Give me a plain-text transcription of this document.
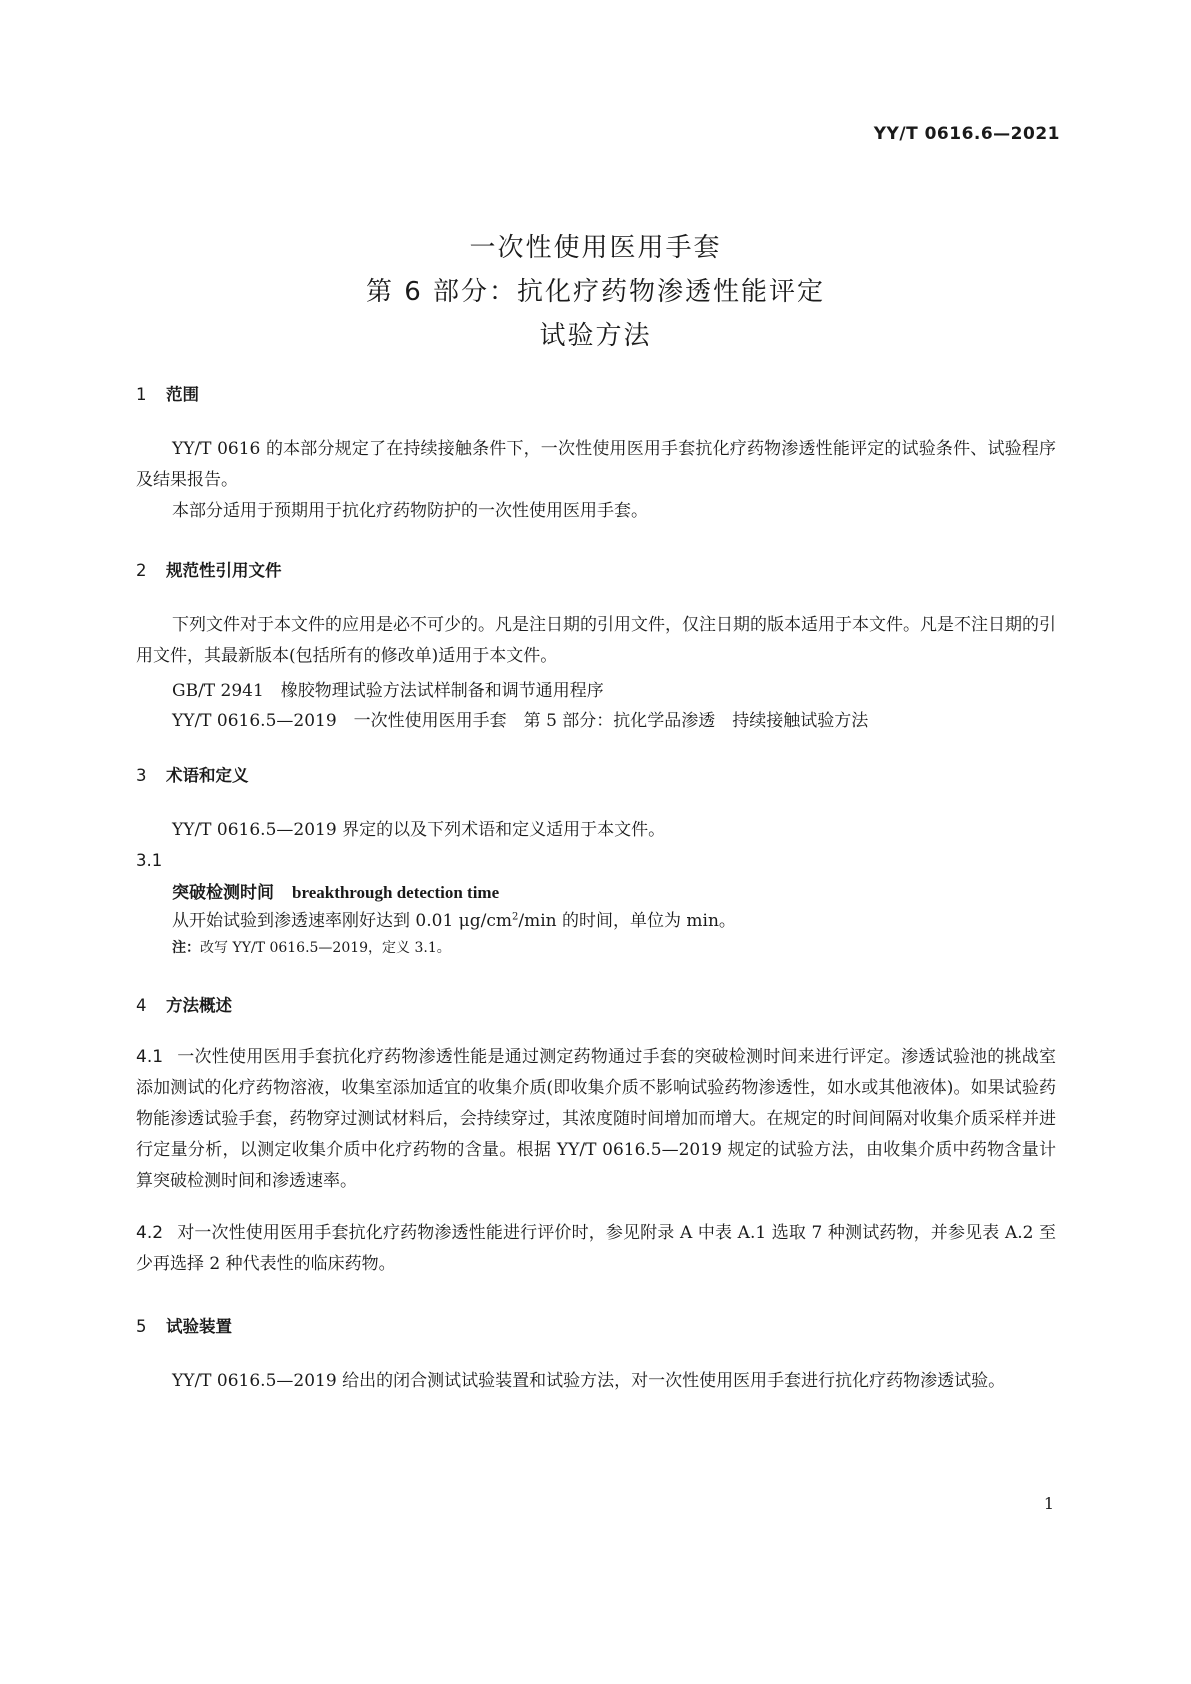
YY/T 0616.6—2021
一次性使用医用手套
第 6 部分：抗化疗药物渗透性能评定
试验方法
1 范围

YY/T 0616 的本部分规定了在持续接触条件下，一次性使用医用手套抗化疗药物渗透性能评定的试验条件、试验程序及结果报告。

本部分适用于预期用于抗化疗药物防护的一次性使用医用手套。

2 规范性引用文件

下列文件对于本文件的应用是必不可少的。凡是注日期的引用文件，仅注日期的版本适用于本文件。凡是不注日期的引用文件，其最新版本(包括所有的修改单)适用于本文件。

GB/T 2941　橡胶物理试验方法试样制备和调节通用程序
YY/T 0616.5—2019　一次性使用医用手套　第 5 部分：抗化学品渗透　持续接触试验方法
3 术语和定义

YY/T 0616.5—2019 界定的以及下列术语和定义适用于本文件。

3.1
突破检测时间 breakthrough detection time
从开始试验到渗透速率刚好达到 0.01 $\mu g/cm^2/\min$ 的时间，单位为 min。
注：改写 YY/T 0616.5—2019，定义 3.1。
4 方法概述

4.1 一次性使用医用手套抗化疗药物渗透性能是通过测定药物通过手套的突破检测时间来进行评定。渗透试验池的挑战室添加测试的化疗药物溶液，收集室添加适宜的收集介质(即收集介质不影响试验药物渗透性，如水或其他液体)。如果试验药物能渗透试验手套，药物穿过测试材料后，会持续穿过，其浓度随时间增加而增大。在规定的时间间隔对收集介质采样并进行定量分析，以测定收集介质中化疗药物的含量。根据 YY/T 0616.5—2019 规定的试验方法，由收集介质中药物含量计算突破检测时间和渗透速率。

4.2 对一次性使用医用手套抗化疗药物渗透性能进行评价时，参见附录 A 中表 A.1 选取 7 种测试药物，并参见表 A.2 至少再选择 2 种代表性的临床药物。

5 试验装置

YY/T 0616.5—2019 给出的闭合测试试验装置和试验方法，对一次性使用医用手套进行抗化疗药物渗透试验。

1
